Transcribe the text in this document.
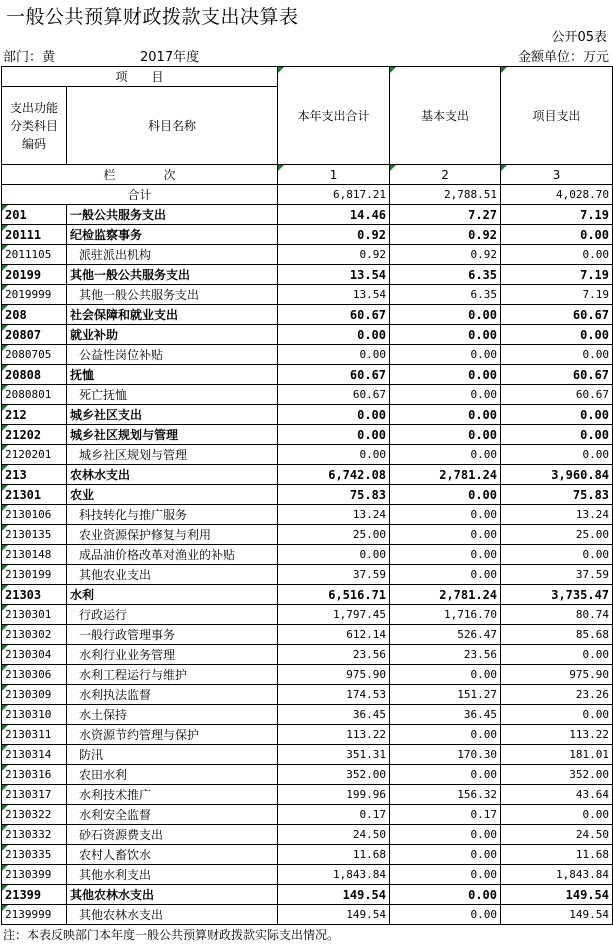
一般公共预算财政拨款支出决算表
公开05表
部门：黄	2017年度	金额单位：万元
项　　目		本年支出合计	基本支出	项目支出
支出功能分类科目编码	科目名称			
栏　　　　次		1	2	3
合计		6,817.21	2,788.51	4,028.70
201	一般公共服务支出	14.46	7.27	7.19
20111	纪检监察事务	0.92	0.92	0.00
2011105	派驻派出机构	0.92	0.92	0.00
20199	其他一般公共服务支出	13.54	6.35	7.19
2019999	其他一般公共服务支出	13.54	6.35	7.19
208	社会保障和就业支出	60.67	0.00	60.67
20807	就业补助	0.00	0.00	0.00
2080705	公益性岗位补贴	0.00	0.00	0.00
20808	抚恤	60.67	0.00	60.67
2080801	死亡抚恤	60.67	0.00	60.67
212	城乡社区支出	0.00	0.00	0.00
21202	城乡社区规划与管理	0.00	0.00	0.00
2120201	城乡社区规划与管理	0.00	0.00	0.00
213	农林水支出	6,742.08	2,781.24	3,960.84
21301	农业	75.83	0.00	75.83
2130106	科技转化与推广服务	13.24	0.00	13.24
2130135	农业资源保护修复与利用	25.00	0.00	25.00
2130148	成品油价格改革对渔业的补贴	0.00	0.00	0.00
2130199	其他农业支出	37.59	0.00	37.59
21303	水利	6,516.71	2,781.24	3,735.47
2130301	行政运行	1,797.45	1,716.70	80.74
2130302	一般行政管理事务	612.14	526.47	85.68
2130304	水利行业业务管理	23.56	23.56	0.00
2130306	水利工程运行与维护	975.90	0.00	975.90
2130309	水利执法监督	174.53	151.27	23.26
2130310	水土保持	36.45	36.45	0.00
2130311	水资源节约管理与保护	113.22	0.00	113.22
2130314	防汛	351.31	170.30	181.01
2130316	农田水利	352.00	0.00	352.00
2130317	水利技术推广	199.96	156.32	43.64
2130322	水利安全监督	0.17	0.17	0.00
2130332	砂石资源费支出	24.50	0.00	24.50
2130335	农村人畜饮水	11.68	0.00	11.68
2130399	其他水利支出	1,843.84	0.00	1,843.84
21399	其他农林水支出	149.54	0.00	149.54
2139999	其他农林水支出	149.54	0.00	149.54
注：本表反映部门本年度一般公共预算财政拨款实际支出情况。
